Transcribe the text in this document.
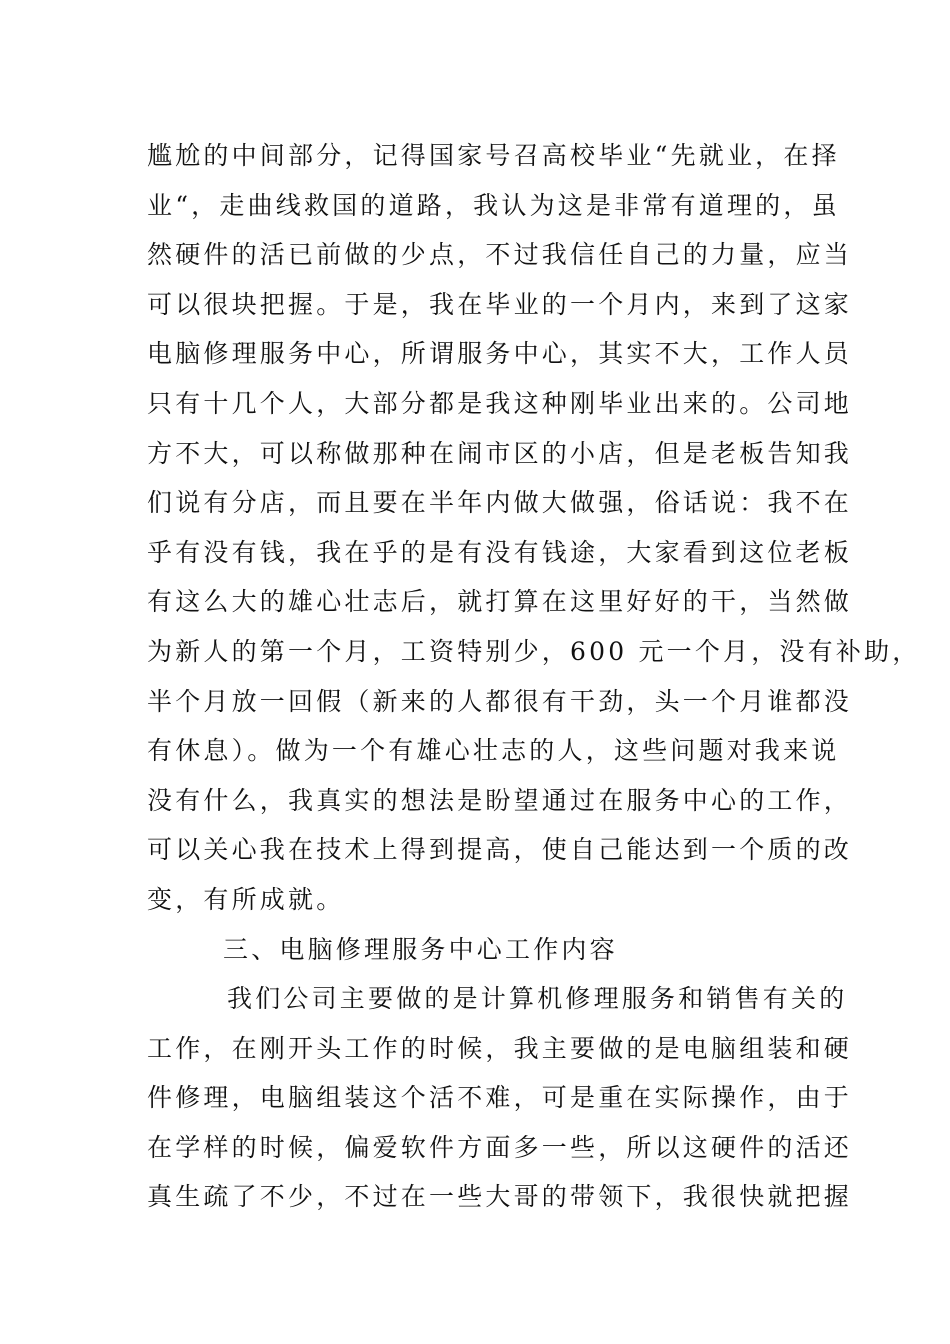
尴尬的中间部分，记得国家号召高校毕业“先就业，在择
业“，走曲线救国的道路，我认为这是非常有道理的，虽
然硬件的活已前做的少点，不过我信任自己的力量，应当
可以很块把握。于是，我在毕业的一个月内，来到了这家
电脑修理服务中心，所谓服务中心，其实不大，工作人员
只有十几个人，大部分都是我这种刚毕业出来的。公司地
方不大，可以称做那种在闹市区的小店，但是老板告知我
们说有分店，而且要在半年内做大做强，俗话说：我不在
乎有没有钱，我在乎的是有没有钱途，大家看到这位老板
有这么大的雄心壮志后，就打算在这里好好的干，当然做
为新人的第一个月，工资特别少，600 元一个月，没有补助，
半个月放一回假（新来的人都很有干劲，头一个月谁都没
有休息）。做为一个有雄心壮志的人，这些问题对我来说
没有什么，我真实的想法是盼望通过在服务中心的工作，
可以关心我在技术上得到提高，使自己能达到一个质的改
变，有所成就。
三、电脑修理服务中心工作内容
我们公司主要做的是计算机修理服务和销售有关的
工作，在刚开头工作的时候，我主要做的是电脑组装和硬
件修理，电脑组装这个活不难，可是重在实际操作，由于
在学样的时候，偏爱软件方面多一些，所以这硬件的活还
真生疏了不少，不过在一些大哥的带领下，我很快就把握
